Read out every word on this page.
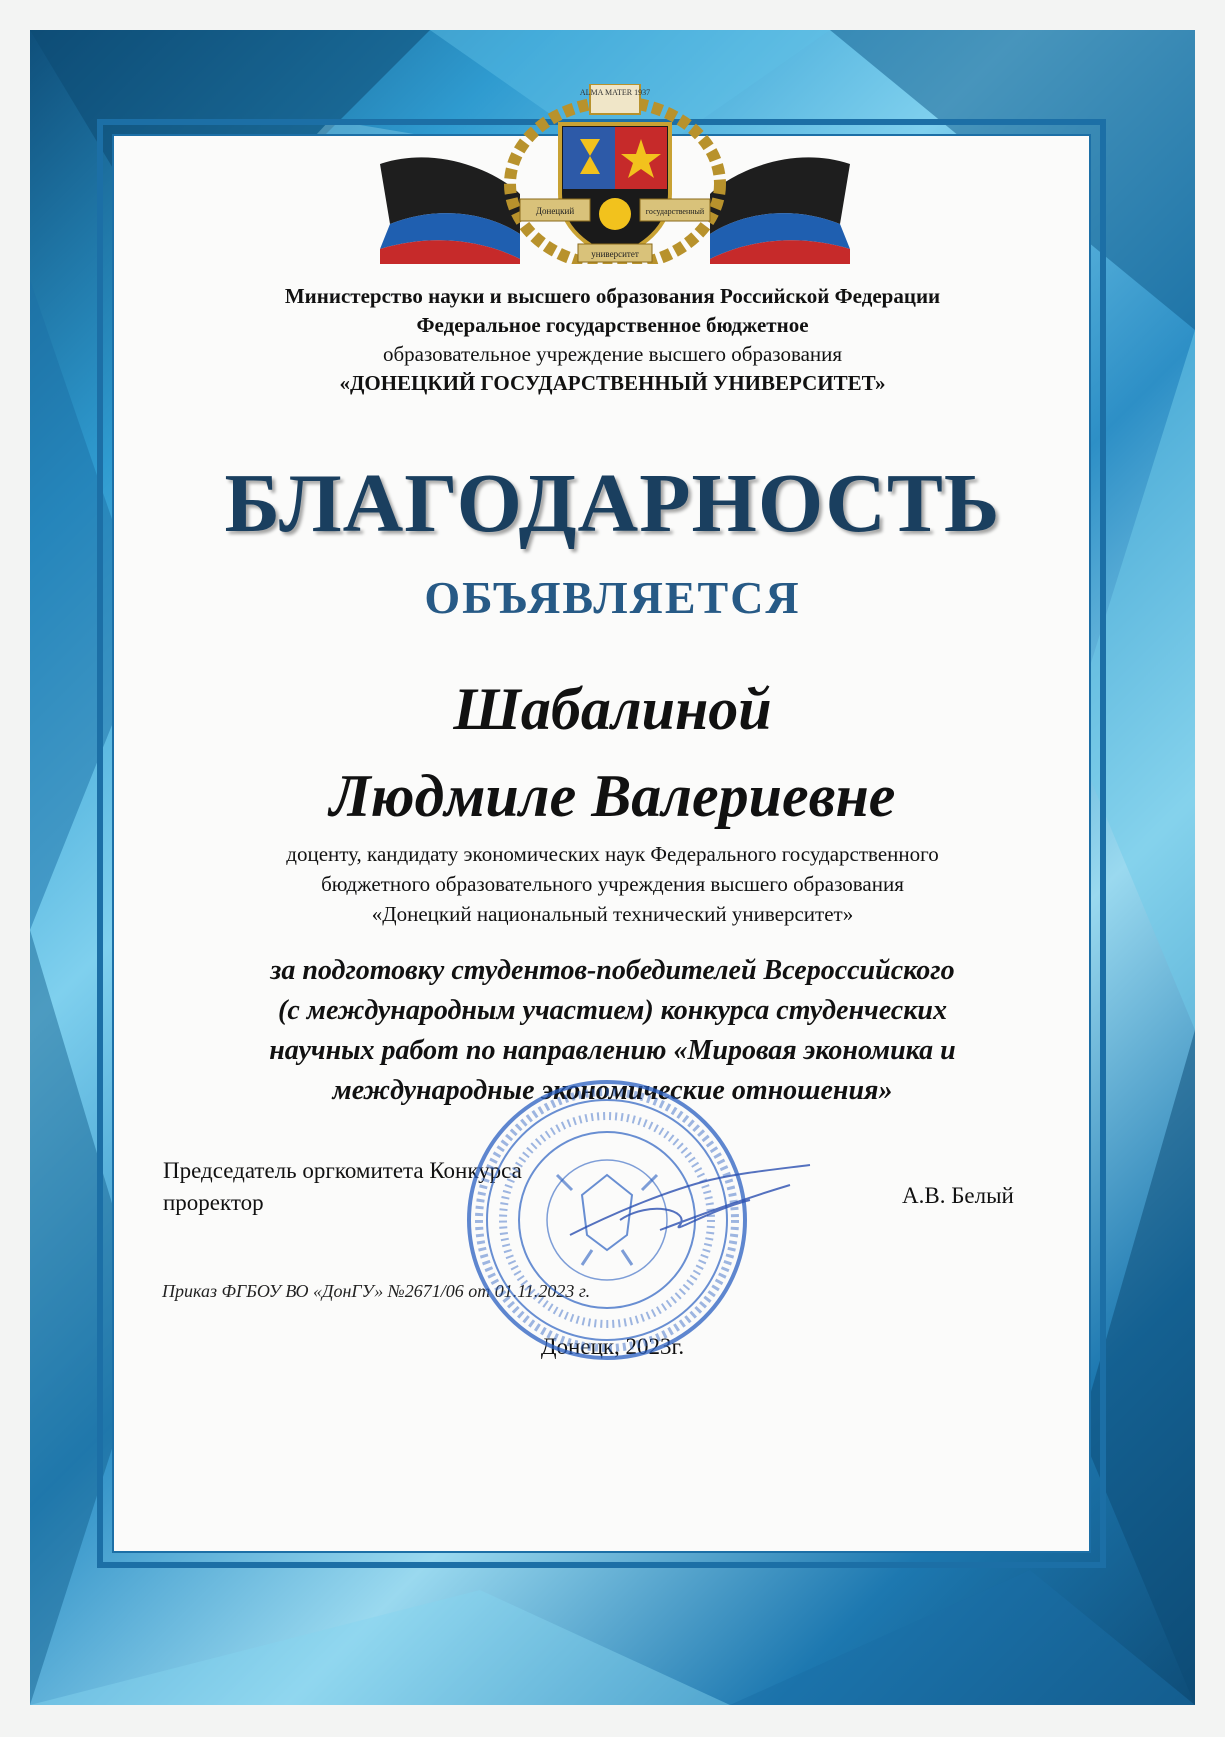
ALMA MATER 1937
Донецкий	государственный
университет
Министерство науки и высшего образования Российской Федерации
Федеральное государственное бюджетное
образовательное учреждение высшего образования
«ДОНЕЦКИЙ ГОСУДАРСТВЕННЫЙ УНИВЕРСИТЕТ»
БЛАГОДАРНОСТЬ
ОБЪЯВЛЯЕТСЯ
Шабалиной
Людмиле Валериевне
доценту, кандидату экономических наук Федерального государственного
бюджетного образовательного учреждения высшего образования
«Донецкий национальный технический университет»
за подготовку студентов-победителей Всероссийского
(с международным участием) конкурса студенческих
научных работ по направлению «Мировая экономика и
международные экономические отношения»
Председатель оргкомитета Конкурса
проректор	А.В. Белый
Приказ ФГБОУ ВО «ДонГУ» №2671/06 от 01.11.2023 г.
Донецк, 2023г.
